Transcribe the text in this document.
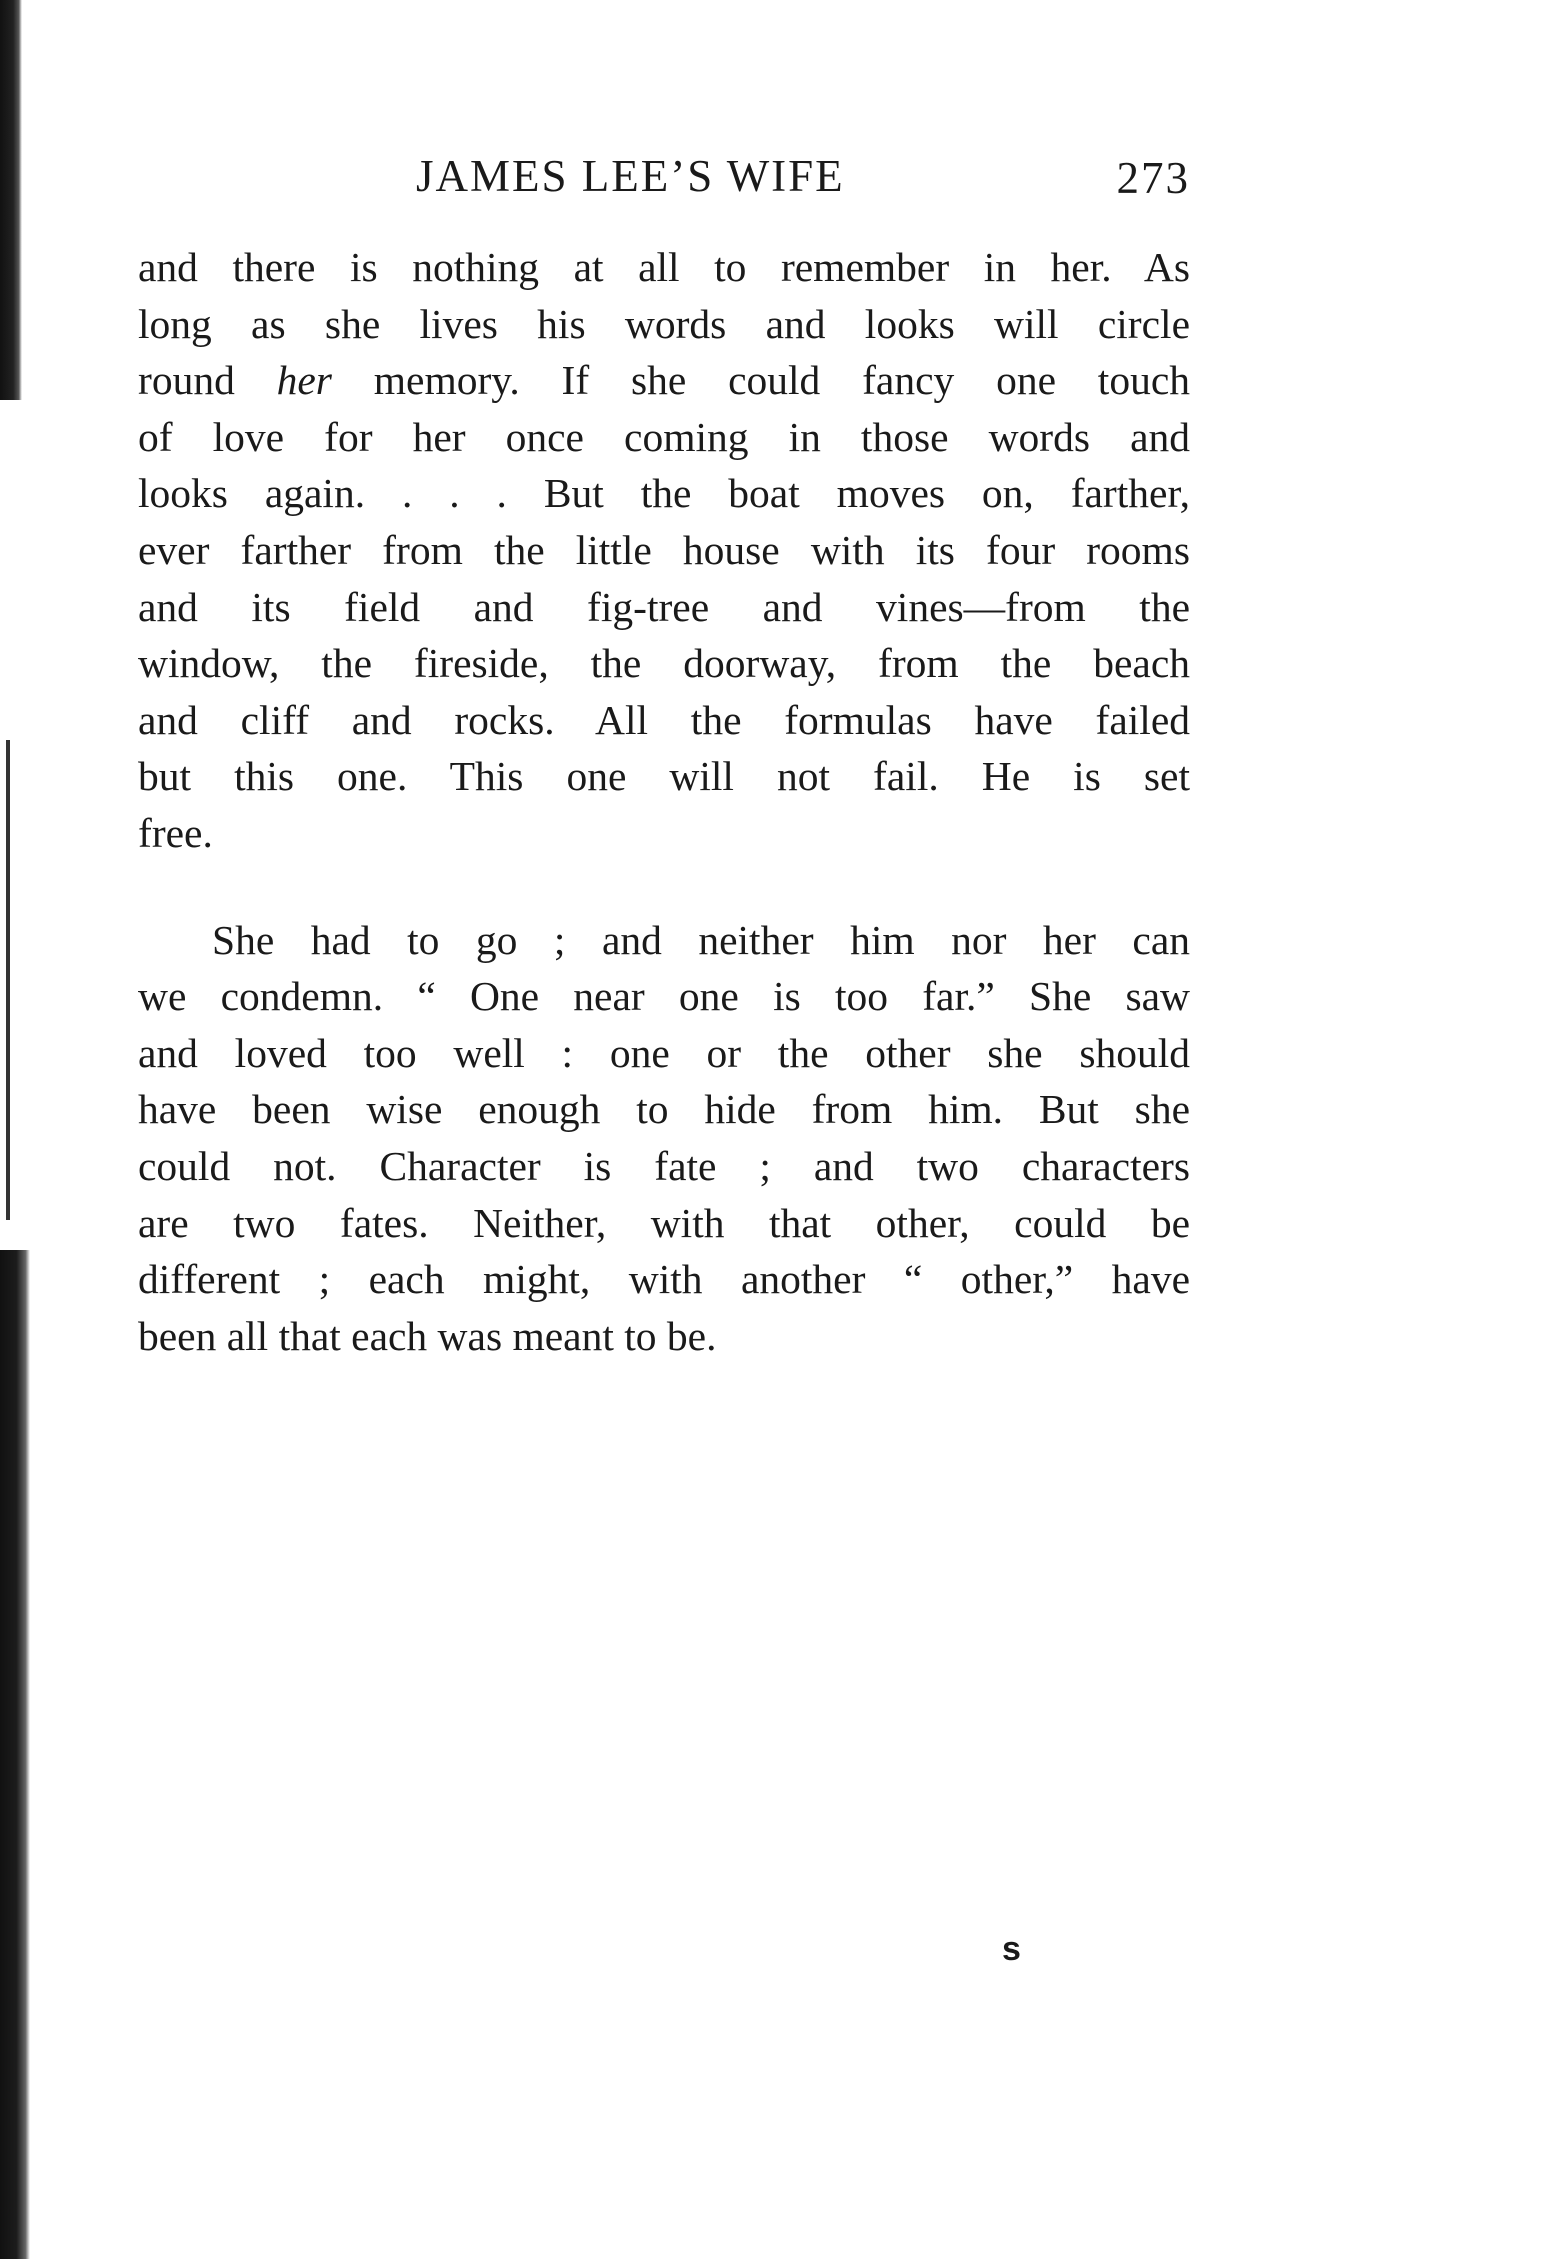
JAMES LEE’S WIFE	273
and there is nothing at all to remember in her. As
long as she lives his words and looks will circle
round her memory. If she could fancy one touch
of love for her once coming in those words and
looks again. . . . But the boat moves on, farther,
ever farther from the little house with its four rooms
and its field and fig-tree and vines—from the
window, the fireside, the doorway, from the beach
and cliff and rocks. All the formulas have failed
but this one. This one will not fail. He is set
free.
She had to go ; and neither him nor her can
we condemn. “ One near one is too far.” She saw
and loved too well : one or the other she should
have been wise enough to hide from him. But she
could not. Character is fate ; and two characters
are two fates. Neither, with that other, could be
different ; each might, with another “ other,” have
been all that each was meant to be.
s
